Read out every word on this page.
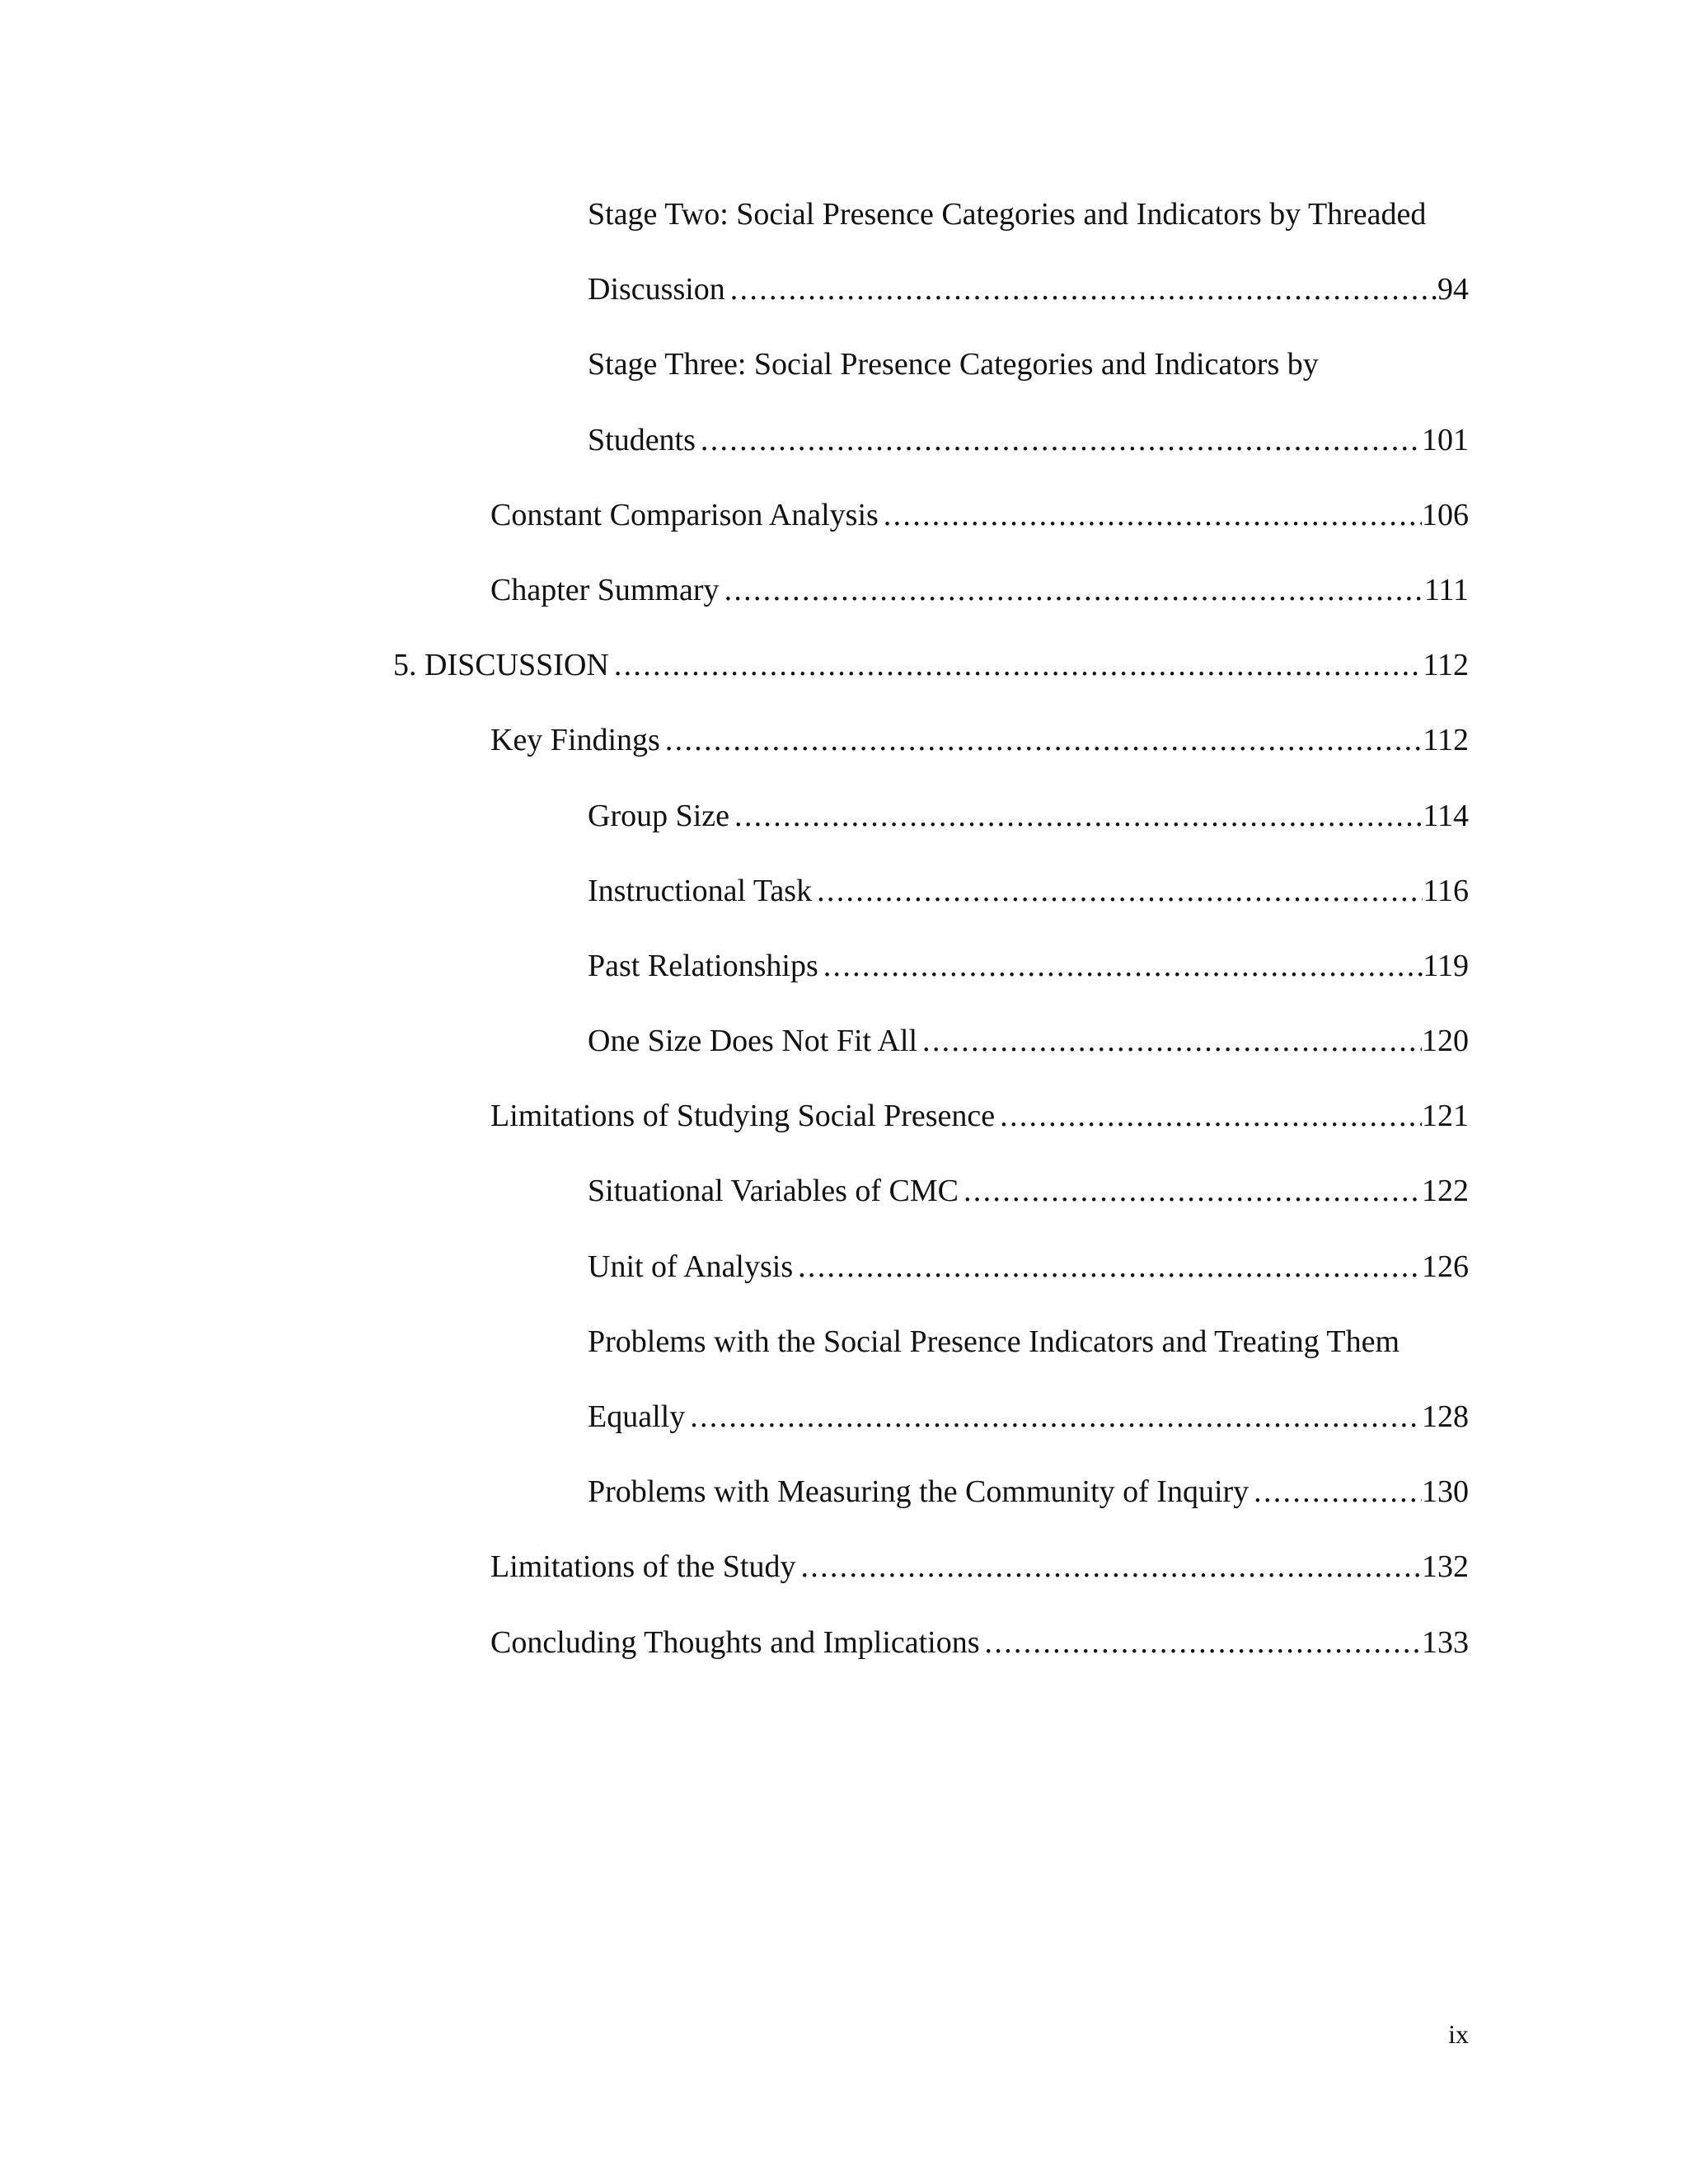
Stage Two: Social Presence Categories and Indicators by Threaded
Discussion . . .	94
Stage Three: Social Presence Categories and Indicators by
Students . . .	101
Constant Comparison Analysis . . .	106
Chapter Summary . . .	111
5. DISCUSSION . . .	112
Key Findings . . .	112
Group Size . . .	114
Instructional Task . . .	116
Past Relationships . . .	119
One Size Does Not Fit All . . .	120
Limitations of Studying Social Presence . . .	121
Situational Variables of CMC . . .	122
Unit of Analysis . . .	126
Problems with the Social Presence Indicators and Treating Them
Equally . . .	128
Problems with Measuring the Community of Inquiry . . .	130
Limitations of the Study . . .	132
Concluding Thoughts and Implications . . .	133
ix
